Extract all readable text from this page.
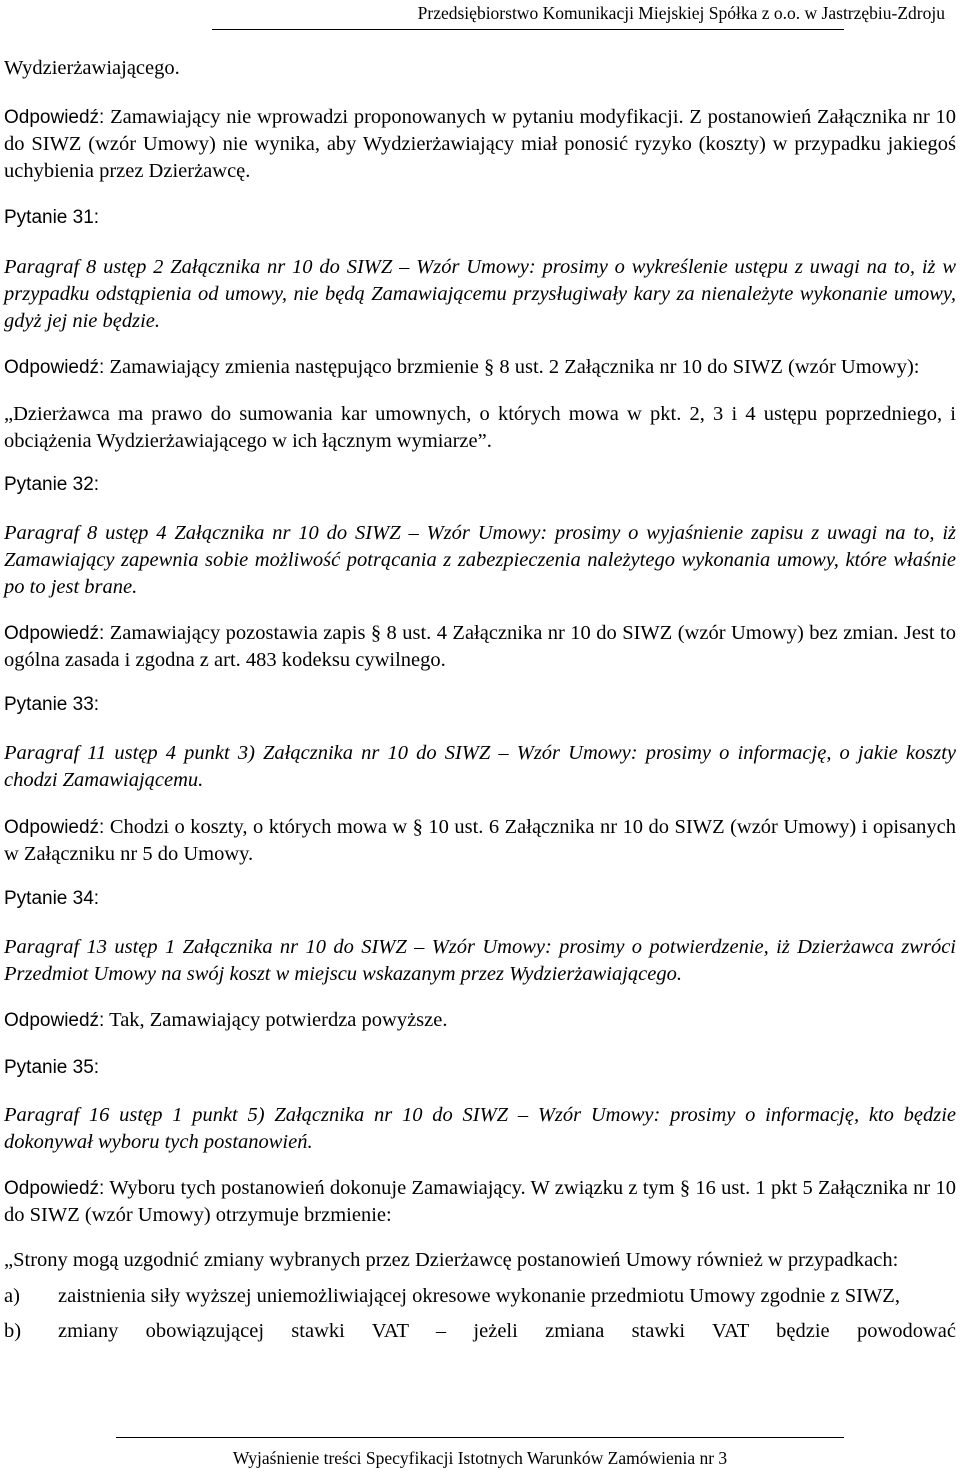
Przedsiębiorstwo Komunikacji Miejskiej Spółka z o.o. w Jastrzębiu-Zdroju

Wydzierżawiającego.

Odpowiedź: Zamawiający nie wprowadzi proponowanych w pytaniu modyfikacji. Z postanowień Załącznika nr 10 do SIWZ (wzór Umowy) nie wynika, aby Wydzierżawiający miał ponosić ryzyko (koszty) w przypadku jakiegoś uchybienia przez Dzierżawcę.

Pytanie 31:

Paragraf 8 ustęp 2 Załącznika nr 10 do SIWZ – Wzór Umowy: prosimy o wykreślenie ustępu z uwagi na to, iż w przypadku odstąpienia od umowy, nie będą Zamawiającemu przysługiwały kary za nienależyte wykonanie umowy, gdyż jej nie będzie.

Odpowiedź: Zamawiający zmienia następująco brzmienie § 8 ust. 2 Załącznika nr 10 do SIWZ (wzór Umowy):

„Dzierżawca ma prawo do sumowania kar umownych, o których mowa w pkt. 2, 3 i 4 ustępu poprzedniego, i obciążenia Wydzierżawiającego w ich łącznym wymiarze”.

Pytanie 32:

Paragraf 8 ustęp 4 Załącznika nr 10 do SIWZ – Wzór Umowy: prosimy o wyjaśnienie zapisu z uwagi na to, iż Zamawiający zapewnia sobie możliwość potrącania z zabezpieczenia należytego wykonania umowy, które właśnie po to jest brane.

Odpowiedź: Zamawiający pozostawia zapis § 8 ust. 4 Załącznika nr 10 do SIWZ (wzór Umowy) bez zmian. Jest to ogólna zasada i zgodna z art. 483 kodeksu cywilnego.

Pytanie 33:

Paragraf 11 ustęp 4 punkt 3) Załącznika nr 10 do SIWZ – Wzór Umowy: prosimy o informację, o jakie koszty chodzi Zamawiającemu.

Odpowiedź: Chodzi o koszty, o których mowa w § 10 ust. 6 Załącznika nr 10 do SIWZ (wzór Umowy) i opisanych w Załączniku nr 5 do Umowy.

Pytanie 34:

Paragraf 13 ustęp 1 Załącznika nr 10 do SIWZ – Wzór Umowy: prosimy o potwierdzenie, iż Dzierżawca zwróci Przedmiot Umowy na swój koszt w miejscu wskazanym przez Wydzierżawiającego.

Odpowiedź: Tak, Zamawiający potwierdza powyższe.

Pytanie 35:

Paragraf 16 ustęp 1 punkt 5) Załącznika nr 10 do SIWZ – Wzór Umowy: prosimy o informację, kto będzie dokonywał wyboru tych postanowień.

Odpowiedź: Wyboru tych postanowień dokonuje Zamawiający. W związku z tym § 16 ust. 1 pkt 5 Załącznika nr 10 do SIWZ (wzór Umowy) otrzymuje brzmienie:

„Strony mogą uzgodnić zmiany wybranych przez Dzierżawcę postanowień Umowy również w przypadkach:

a)	zaistnienia siły wyższej uniemożliwiającej okresowe wykonanie przedmiotu Umowy zgodnie z SIWZ,
b)	zmiany obowiązującej stawki VAT – jeżeli zmiana stawki VAT będzie powodować
Wyjaśnienie treści Specyfikacji Istotnych Warunków Zamówienia nr 3
